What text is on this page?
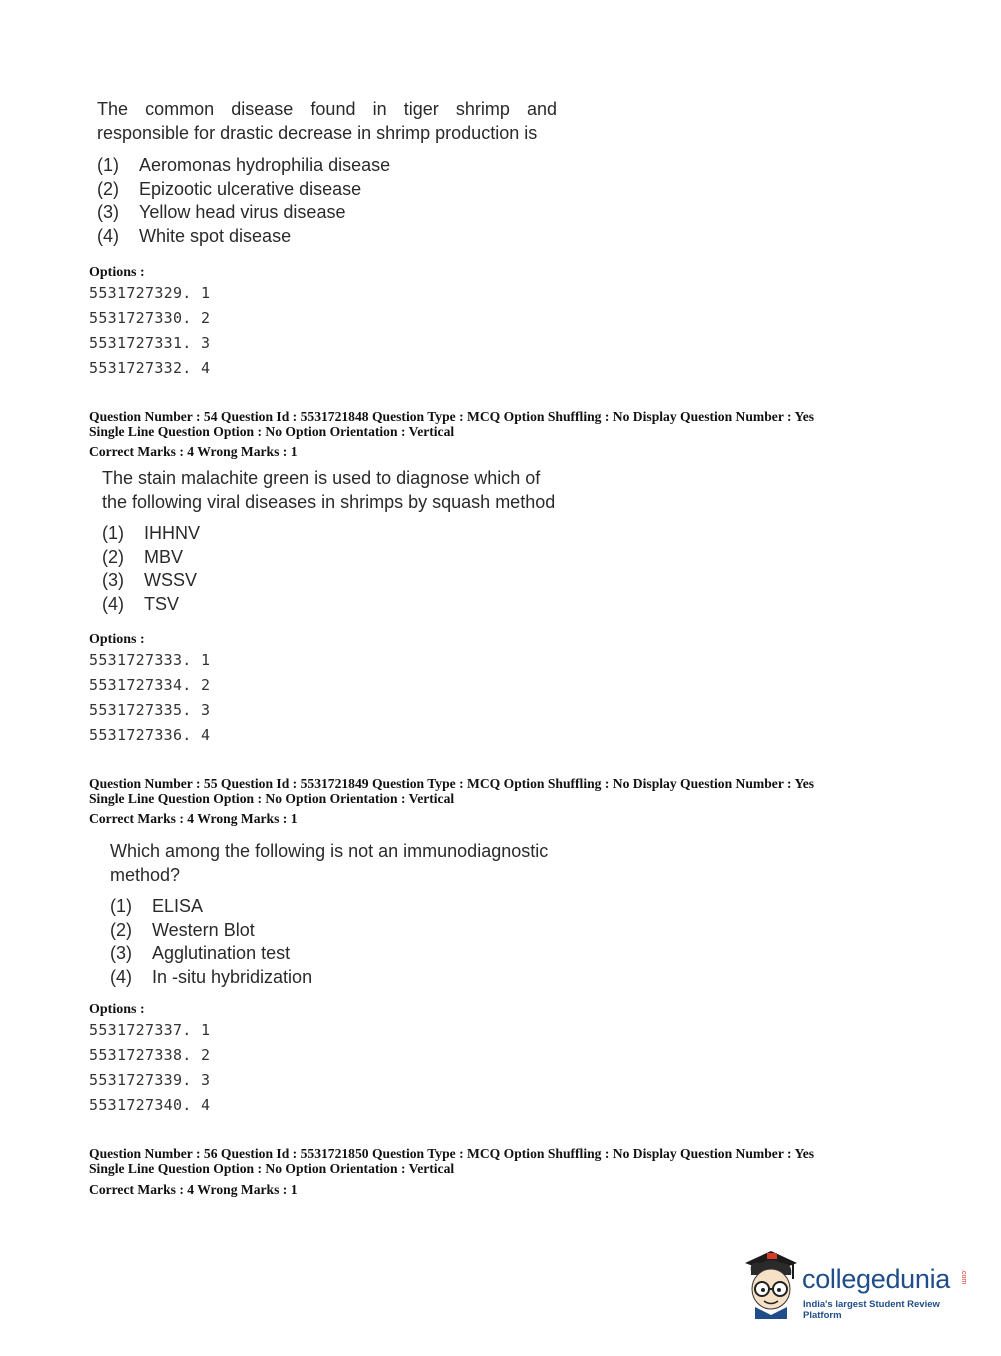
The common disease found in tiger shrimp and
responsible for drastic decrease in shrimp production is
(1)	Aeromonas hydrophilia disease
(2)	Epizootic ulcerative disease
(3)	Yellow head virus disease
(4)	White spot disease
Options :
5531727329. 1
5531727330. 2
5531727331. 3
5531727332. 4
Question Number : 54 Question Id : 5531721848 Question Type : MCQ Option Shuffling : No Display Question Number : Yes
Single Line Question Option : No Option Orientation : Vertical
Correct Marks : 4 Wrong Marks : 1
The stain malachite green is used to diagnose which of
the following viral diseases in shrimps by squash method
(1)	IHHNV
(2)	MBV
(3)	WSSV
(4)	TSV
Options :
5531727333. 1
5531727334. 2
5531727335. 3
5531727336. 4
Question Number : 55 Question Id : 5531721849 Question Type : MCQ Option Shuffling : No Display Question Number : Yes
Single Line Question Option : No Option Orientation : Vertical
Correct Marks : 4 Wrong Marks : 1
Which among the following is not an immunodiagnostic
method?
(1)	ELISA
(2)	Western Blot
(3)	Agglutination test
(4)	In -situ hybridization
Options :
5531727337. 1
5531727338. 2
5531727339. 3
5531727340. 4
Question Number : 56 Question Id : 5531721850 Question Type : MCQ Option Shuffling : No Display Question Number : Yes
Single Line Question Option : No Option Orientation : Vertical
Correct Marks : 4 Wrong Marks : 1
collegedunia .com
India's largest Student Review Platform
